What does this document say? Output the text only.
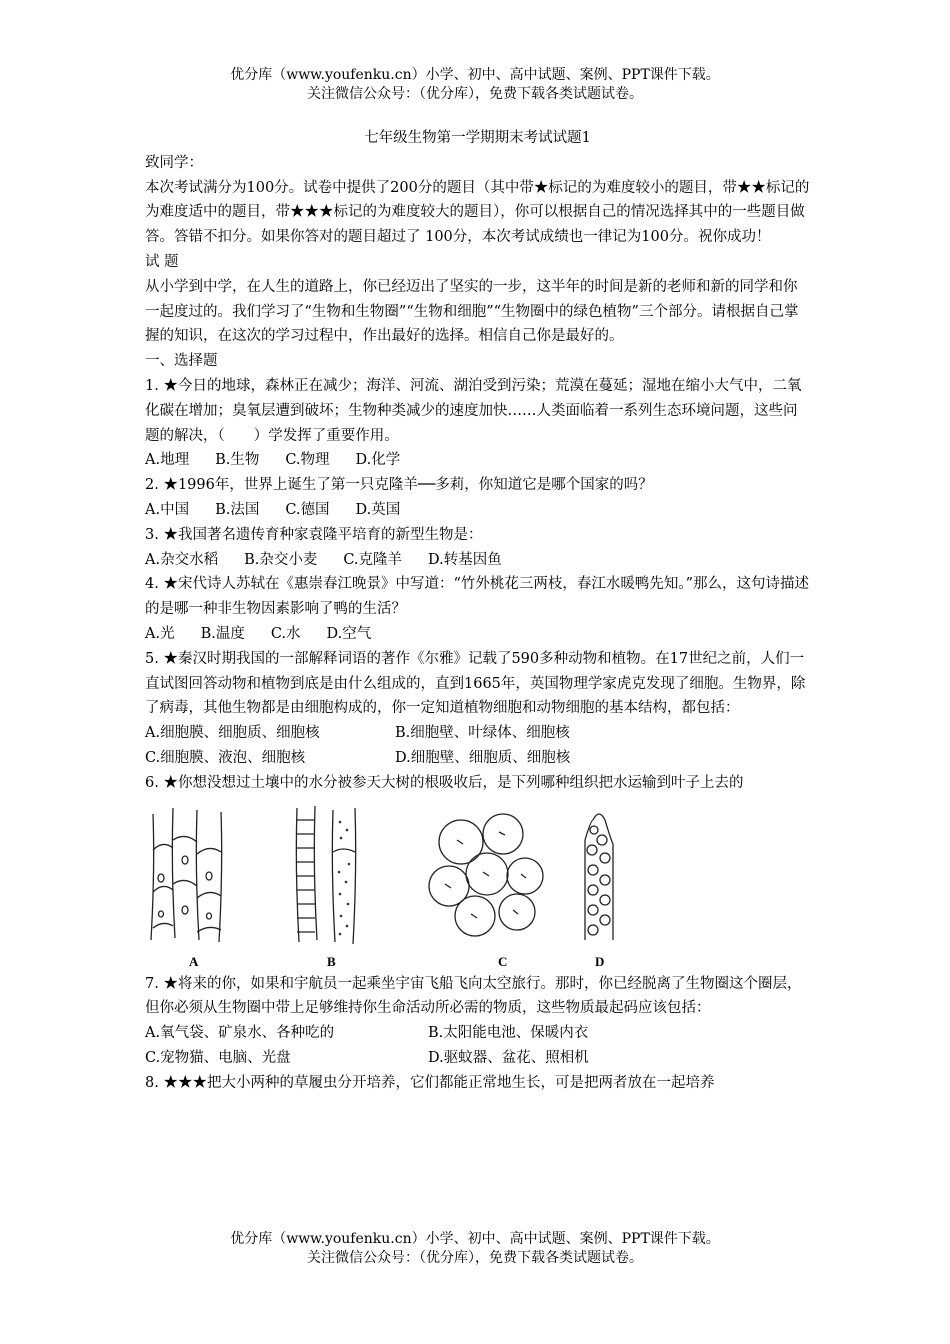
优分库（www.youfenku.cn）小学、初中、高中试题、案例、PPT课件下载。
关注微信公众号：（优分库），免费下载各类试题试卷。

七年级生物第一学期期末考试试题1

致同学：

本次考试满分为100分。试卷中提供了200分的题目（其中带★标记的为难度较小的题目，带★★标记的为难度适中的题目，带★★★标记的为难度较大的题目），你可以根据自己的情况选择其中的一些题目做答。答错不扣分。如果你答对的题目超过了 100分，本次考试成绩也一律记为100分。祝你成功！

试 题

从小学到中学，在人生的道路上，你已经迈出了坚实的一步，这半年的时间是新的老师和新的同学和你一起度过的。我们学习了“生物和生物圈”“生物和细胞”“生物圈中的绿色植物”三个部分。请根据自己掌握的知识，在这次的学习过程中，作出最好的选择。相信自己你是最好的。

一、选择题

1. ★今日的地球，森林正在减少；海洋、河流、湖泊受到污染；荒漠在蔓延；湿地在缩小大气中，二氧化碳在增加；臭氧层遭到破坏；生物种类减少的速度加快……人类面临着一系列生态环境问题，这些问题的解决，（　　）学发挥了重要作用。

A.地理 B.生物 C.物理 D.化学

2. ★1996年，世界上诞生了第一只克隆羊──多莉，你知道它是哪个国家的吗？

A.中国 B.法国 C.德国 D.英国

3. ★我国著名遗传育种家袁隆平培育的新型生物是：

A.杂交水稻 B.杂交小麦 C.克隆羊 D.转基因鱼

4. ★宋代诗人苏轼在《惠崇春江晚景》中写道：“竹外桃花三两枝，春江水暖鸭先知。”那么，这句诗描述的是哪一种非生物因素影响了鸭的生活？

A.光 B.温度 C.水 D.空气

5. ★秦汉时期我国的一部解释词语的著作《尔雅》记载了590多种动物和植物。在17世纪之前，人们一直试图回答动物和植物到底是由什么组成的，直到1665年，英国物理学家虎克发现了细胞。生物界，除了病毒，其他生物都是由细胞构成的，你一定知道植物细胞和动物细胞的基本结构，都包括：

A.细胞膜、细胞质、细胞核	B.细胞壁、叶绿体、细胞核

C.细胞膜、液泡、细胞核	D.细胞壁、细胞质、细胞核

6. ★你想没想过土壤中的水分被参天大树的根吸收后，是下列哪种组织把水运输到叶子上去的

A	B	C	D

7. ★将来的你，如果和宇航员一起乘坐宇宙飞船飞向太空旅行。那时，你已经脱离了生物圈这个圈层，但你必须从生物圈中带上足够维持你生命活动所必需的物质，这些物质最起码应该包括：

A.氧气袋、矿泉水、各种吃的	B.太阳能电池、保暖内衣

C.宠物猫、电脑、光盘	D.驱蚊器、盆花、照相机

8. ★★★把大小两种的草履虫分开培养，它们都能正常地生长，可是把两者放在一起培养

优分库（www.youfenku.cn）小学、初中、高中试题、案例、PPT课件下载。
关注微信公众号：（优分库），免费下载各类试题试卷。
